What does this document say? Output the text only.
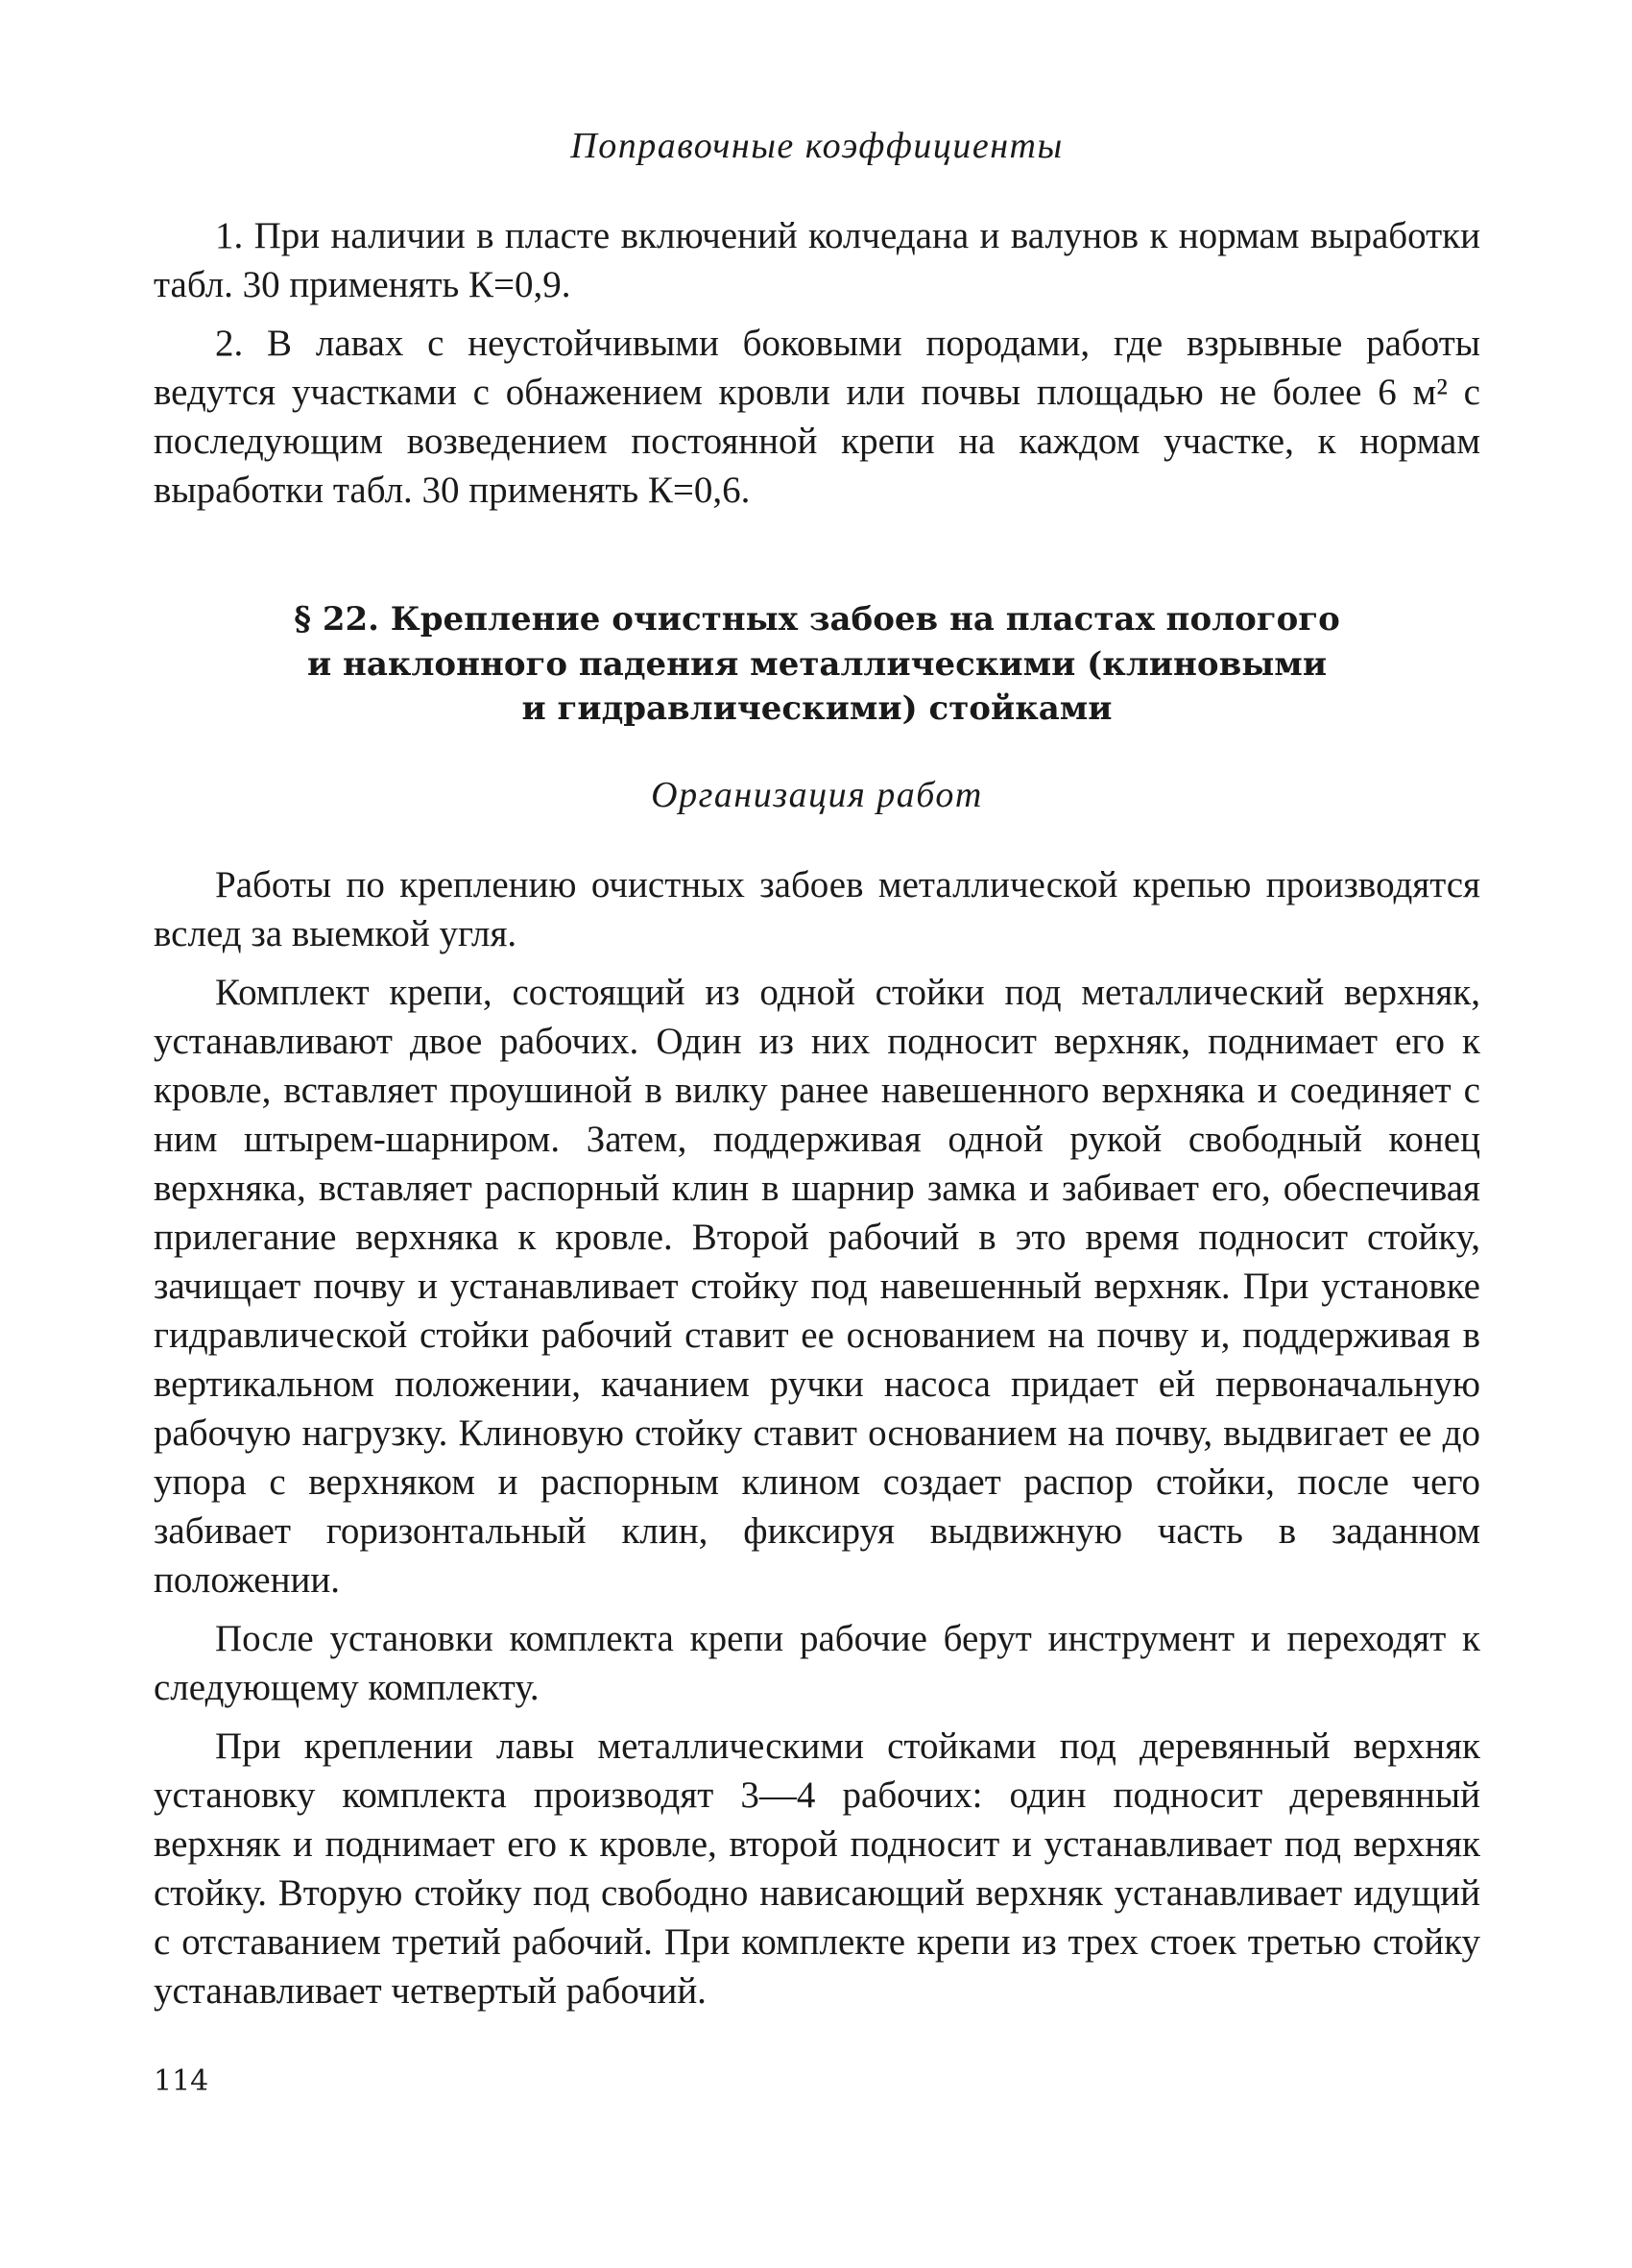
Поправочные коэффициенты

1. При наличии в пласте включений колчедана и валунов к нормам выработки табл. 30 применять К=0,9.

2. В лавах с неустойчивыми боковыми породами, где взрывные работы ведутся участками с обнажением кровли или почвы площадью не более 6 м² с последующим возведением постоянной крепи на каждом участке, к нормам выработки табл. 30 применять К=0,6.

§ 22. Крепление очистных забоев на пластах пологого
и наклонного падения металлическими (клиновыми
и гидравлическими) стойками
Организация работ

Работы по креплению очистных забоев металлической крепью производятся вслед за выемкой угля.

Комплект крепи, состоящий из одной стойки под металлический верхняк, устанавливают двое рабочих. Один из них подносит верхняк, поднимает его к кровле, вставляет проушиной в вилку ранее навешенного верхняка и соединяет с ним штырем-шарниром. Затем, поддерживая одной рукой свободный конец верхняка, вставляет распорный клин в шарнир замка и забивает его, обеспечивая прилегание верхняка к кровле. Второй рабочий в это время подносит стойку, зачищает почву и устанавливает стойку под навешенный верхняк. При установке гидравлической стойки рабочий ставит ее основанием на почву и, поддерживая в вертикальном положении, качанием ручки насоса придает ей первоначальную рабочую нагрузку. Клиновую стойку ставит основанием на почву, выдвигает ее до упора с верхняком и распорным клином создает распор стойки, после чего забивает горизонтальный клин, фиксируя выдвижную часть в заданном положении.

После установки комплекта крепи рабочие берут инструмент и переходят к следующему комплекту.

При креплении лавы металлическими стойками под деревянный верхняк установку комплекта производят 3—4 рабочих: один подносит деревянный верхняк и поднимает его к кровле, второй подносит и устанавливает под верхняк стойку. Вторую стойку под свободно нависающий верхняк устанавливает идущий с отставанием третий рабочий. При комплекте крепи из трех стоек третью стойку устанавливает четвертый рабочий.

114
